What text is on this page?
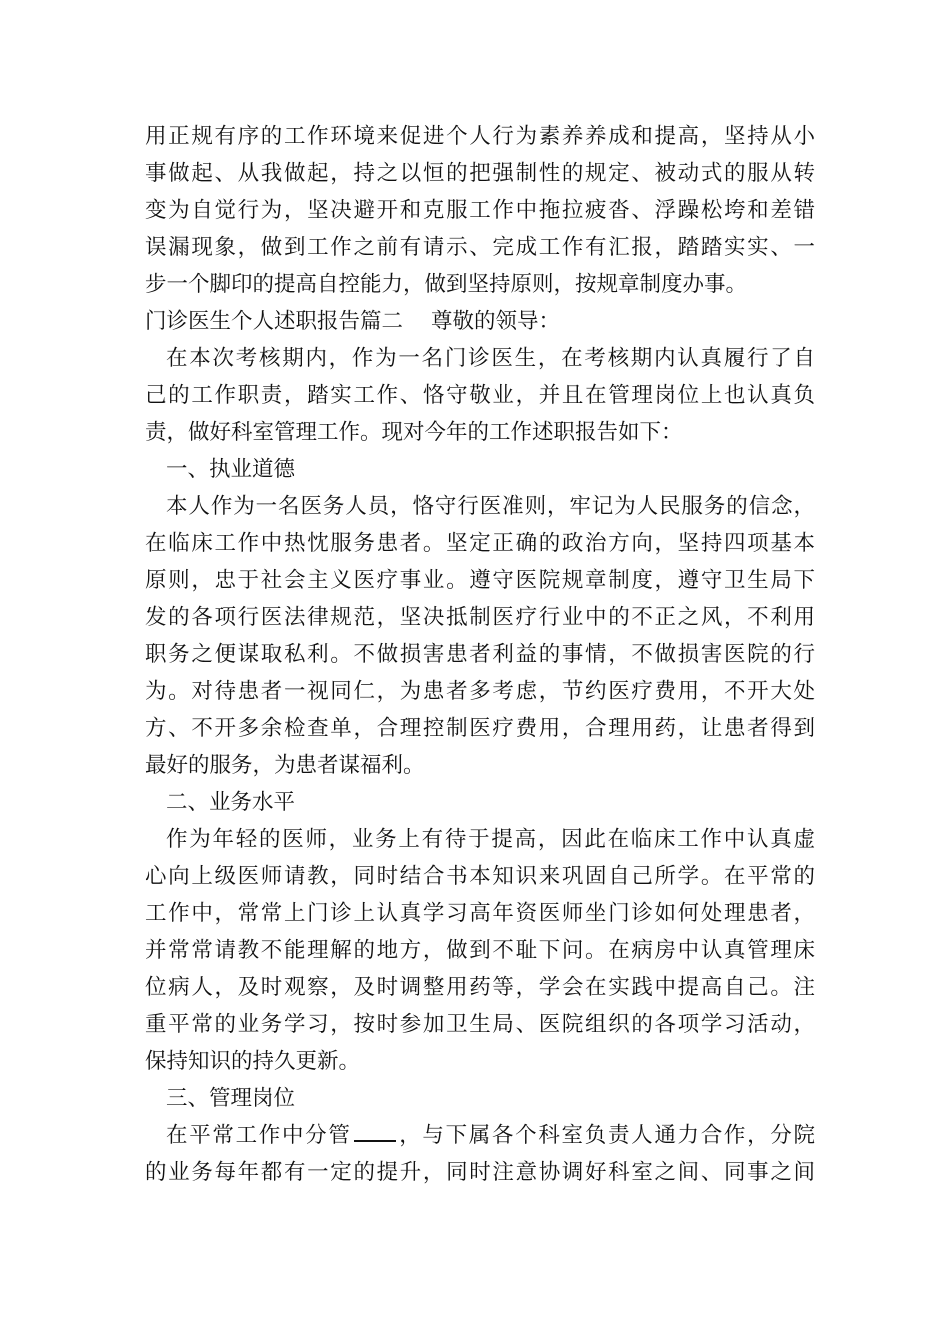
用正规有序的工作环境来促进个人行为素养养成和提高，坚持从小
事做起、从我做起，持之以恒的把强制性的规定、被动式的服从转
变为自觉行为，坚决避开和克服工作中拖拉疲沓、浮躁松垮和差错
误漏现象，做到工作之前有请示、完成工作有汇报，踏踏实实、一
步一个脚印的提高自控能力，做到坚持原则，按规章制度办事。
门诊医生个人述职报告篇二 尊敬的领导：
在本次考核期内，作为一名门诊医生，在考核期内认真履行了自
己的工作职责，踏实工作、恪守敬业，并且在管理岗位上也认真负
责，做好科室管理工作。现对今年的工作述职报告如下：
一、执业道德
本人作为一名医务人员，恪守行医准则，牢记为人民服务的信念，
在临床工作中热忱服务患者。坚定正确的政治方向，坚持四项基本
原则，忠于社会主义医疗事业。遵守医院规章制度，遵守卫生局下
发的各项行医法律规范，坚决抵制医疗行业中的不正之风，不利用
职务之便谋取私利。不做损害患者利益的事情，不做损害医院的行
为。对待患者一视同仁，为患者多考虑，节约医疗费用，不开大处
方、不开多余检查单，合理控制医疗费用，合理用药，让患者得到
最好的服务，为患者谋福利。
二、业务水平
作为年轻的医师，业务上有待于提高，因此在临床工作中认真虚
心向上级医师请教，同时结合书本知识来巩固自己所学。在平常的
工作中，常常上门诊上认真学习高年资医师坐门诊如何处理患者，
并常常请教不能理解的地方，做到不耻下问。在病房中认真管理床
位病人，及时观察，及时调整用药等，学会在实践中提高自己。注
重平常的业务学习，按时参加卫生局、医院组织的各项学习活动，
保持知识的持久更新。
三、管理岗位
在平常工作中分管 ，与下属各个科室负责人通力合作，分院
的业务每年都有一定的提升，同时注意协调好科室之间、同事之间
